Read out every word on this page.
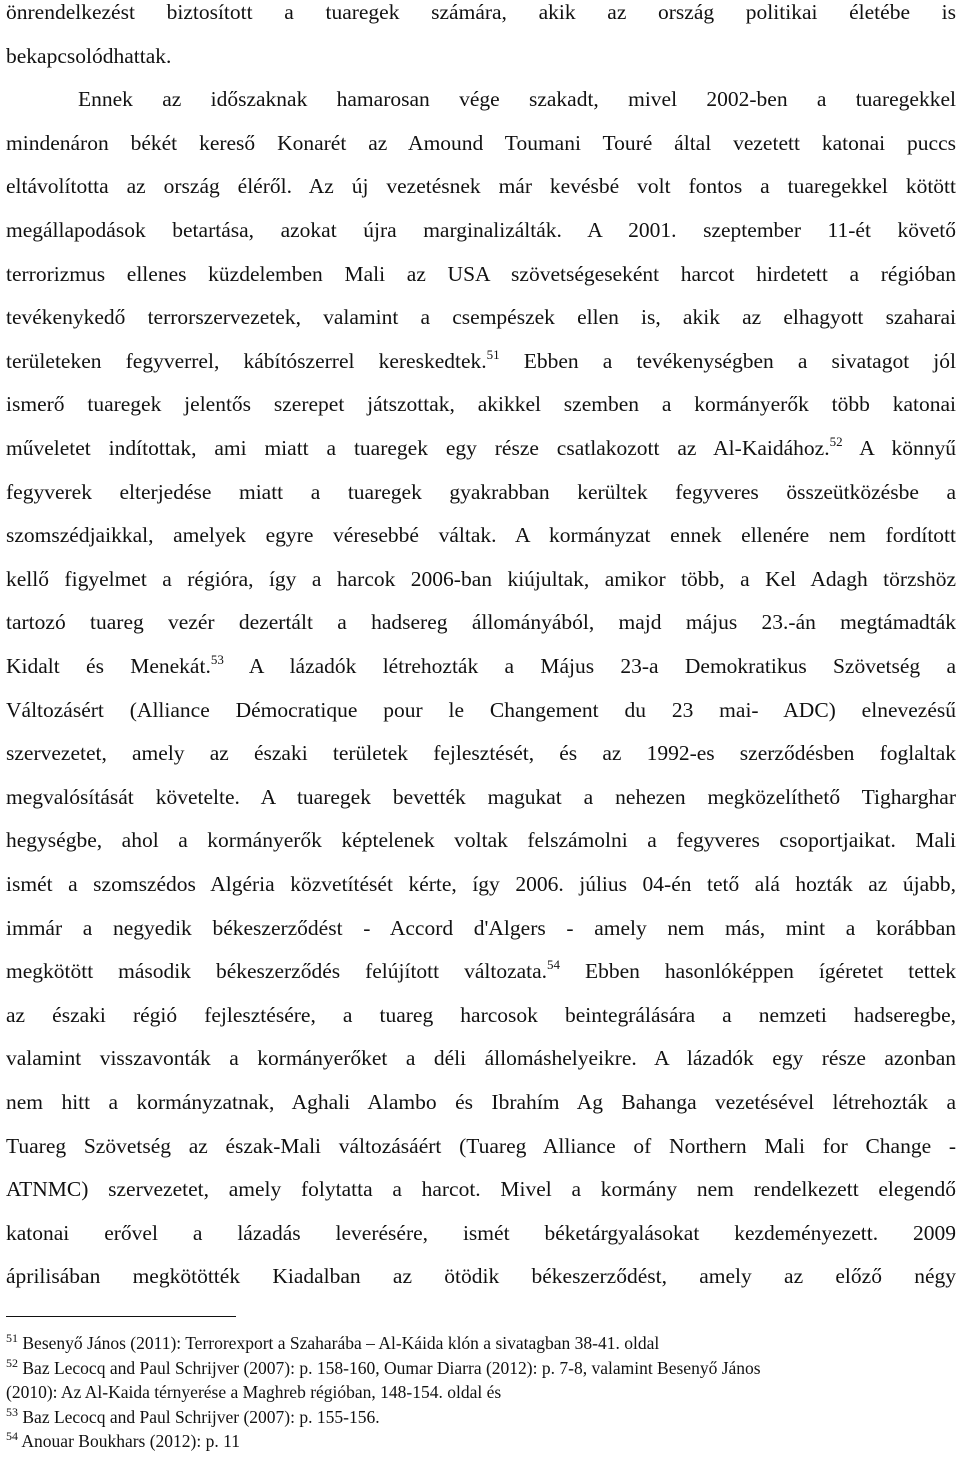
önrendelkezést biztosított a tuaregek számára, akik az ország politikai életébe is
bekapcsolódhattak.
Ennek az időszaknak hamarosan vége szakadt, mivel 2002-ben a tuaregekkel
mindenáron békét kereső Konarét az Amound Toumani Touré által vezetett katonai puccs
eltávolította az ország éléről. Az új vezetésnek már kevésbé volt fontos a tuaregekkel kötött
megállapodások betartása, azokat újra marginalizálták. A 2001. szeptember 11-ét követő
terrorizmus ellenes küzdelemben Mali az USA szövetségeseként harcot hirdetett a régióban
tevékenykedő terrorszervezetek, valamint a csempészek ellen is, akik az elhagyott szaharai
területeken fegyverrel, kábítószerrel kereskedtek.$^{51}$ Ebben a tevékenységben a sivatagot jól
ismerő tuaregek jelentős szerepet játszottak, akikkel szemben a kormányerők több katonai
műveletet indítottak, ami miatt a tuaregek egy része csatlakozott az Al-Kaidához.$^{52}$ A könnyű
fegyverek elterjedése miatt a tuaregek gyakrabban kerültek fegyveres összeütközésbe a
szomszédjaikkal, amelyek egyre véresebbé váltak. A kormányzat ennek ellenére nem fordított
kellő figyelmet a régióra, így a harcok 2006-ban kiújultak, amikor több, a Kel Adagh törzshöz
tartozó tuareg vezér dezertált a hadsereg állományából, majd május 23.-án megtámadták
Kidalt és Menekát.$^{53}$ A lázadók létrehozták a Május 23-a Demokratikus Szövetség a
Változásért (Alliance Démocratique pour le Changement du 23 mai- ADC) elnevezésű
szervezetet, amely az északi területek fejlesztését, és az 1992-es szerződésben foglaltak
megvalósítását követelte. A tuaregek bevették magukat a nehezen megközelíthető Tigharghar
hegységbe, ahol a kormányerők képtelenek voltak felszámolni a fegyveres csoportjaikat. Mali
ismét a szomszédos Algéria közvetítését kérte, így 2006. július 04-én tető alá hozták az újabb,
immár a negyedik békeszerződést - Accord d'Algers - amely nem más, mint a korábban
megkötött második békeszerződés felújított változata.$^{54}$ Ebben hasonlóképpen ígéretet tettek
az északi régió fejlesztésére, a tuareg harcosok beintegrálására a nemzeti hadseregbe,
valamint visszavonták a kormányerőket a déli állomáshelyeikre. A lázadók egy része azonban
nem hitt a kormányzatnak, Aghali Alambo és Ibrahím Ag Bahanga vezetésével létrehozták a
Tuareg Szövetség az észak-Mali változásáért (Tuareg Alliance of Northern Mali for Change -
ATNMC) szervezetet, amely folytatta a harcot. Mivel a kormány nem rendelkezett elegendő
katonai erővel a lázadás leverésére, ismét béketárgyalásokat kezdeményezett. 2009
áprilisában megkötötték Kiadalban az ötödik békeszerződést, amely az előző négy
$^{51}$ Besenyő János (2011): Terrorexport a Szaharába – Al-Káida klón a sivatagban 38-41. oldal
$^{52}$ Baz Lecocq and Paul Schrijver (2007): p. 158-160, Oumar Diarra (2012): p. 7-8, valamint Besenyő János
(2010): Az Al-Kaida térnyerése a Maghreb régióban, 148-154. oldal és
$^{53}$ Baz Lecocq and Paul Schrijver (2007): p. 155-156.
$^{54}$ Anouar Boukhars (2012): p. 11
